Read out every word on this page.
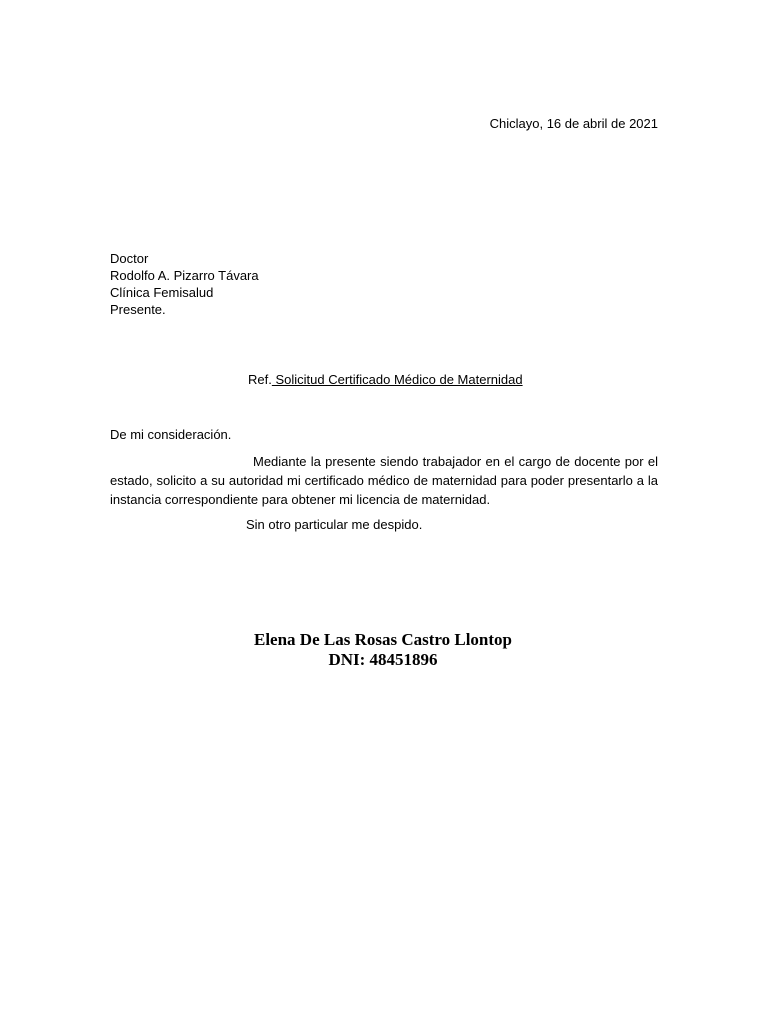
Chiclayo, 16 de abril de 2021
Doctor
Rodolfo A. Pizarro Távara
Clínica Femisalud
Presente.
Ref. Solicitud Certificado Médico de Maternidad
De mi consideración.
Mediante la presente siendo trabajador en el cargo de docente por el estado, solicito a su autoridad mi certificado médico de maternidad para poder presentarlo a la instancia correspondiente para obtener mi licencia de maternidad.
Sin otro particular me despido.
Elena De Las Rosas Castro Llontop
DNI: 48451896
